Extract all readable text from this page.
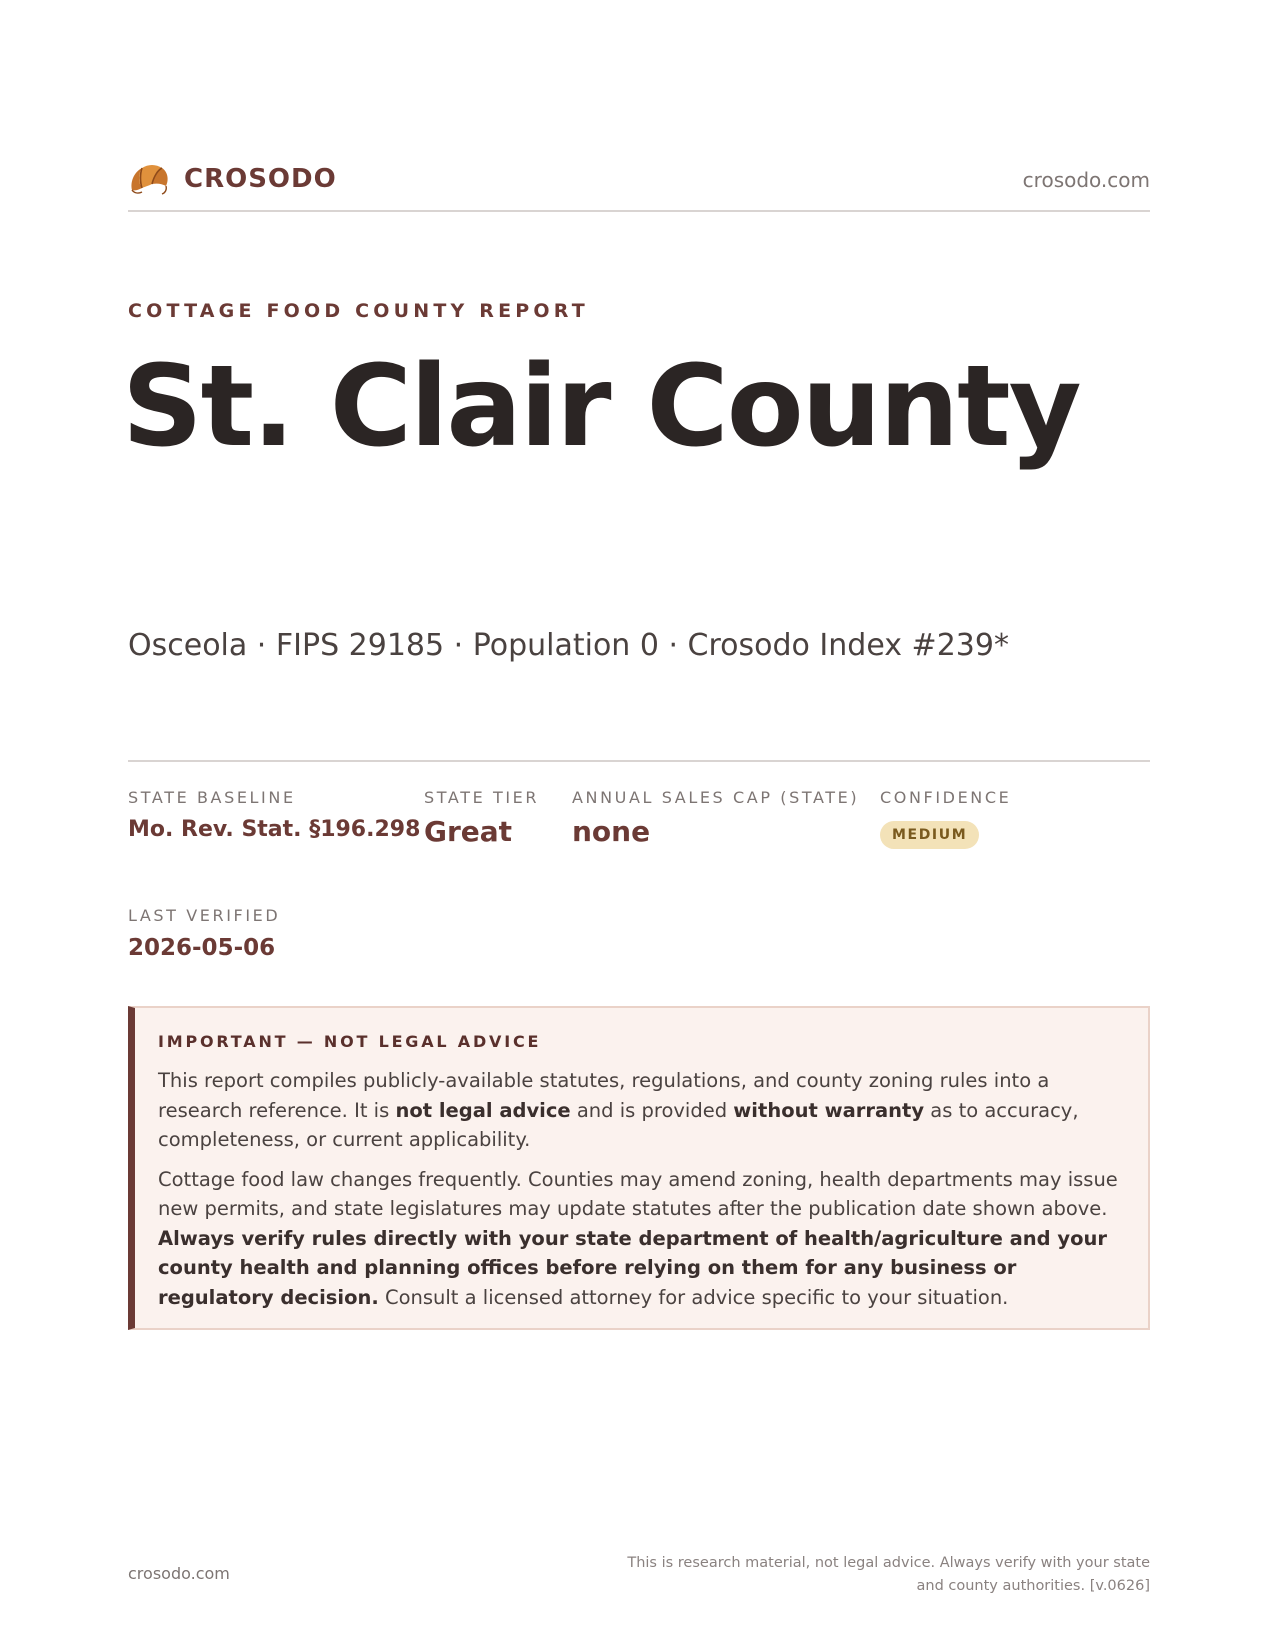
CROSODO	crosodo.com
COTTAGE FOOD COUNTY REPORT
St. Clair County
Osceola · FIPS 29185 · Population 0 · Crosodo Index #239*
STATE BASELINE
Mo. Rev. Stat. §196.298
STATE TIER
Great
ANNUAL SALES CAP (STATE)
none
CONFIDENCE
MEDIUM
LAST VERIFIED
2026-05-06
IMPORTANT — NOT LEGAL ADVICE

This report compiles publicly-available statutes, regulations, and county zoning rules into a research reference. It is not legal advice and is provided without warranty as to accuracy, completeness, or current applicability.

Cottage food law changes frequently. Counties may amend zoning, health departments may issue new permits, and state legislatures may update statutes after the publication date shown above. Always verify rules directly with your state department of health/agriculture and your county health and planning offices before relying on them for any business or regulatory decision. Consult a licensed attorney for advice specific to your situation.

crosodo.com
This is research material, not legal advice. Always verify with your state
and county authorities. [v.0626]
